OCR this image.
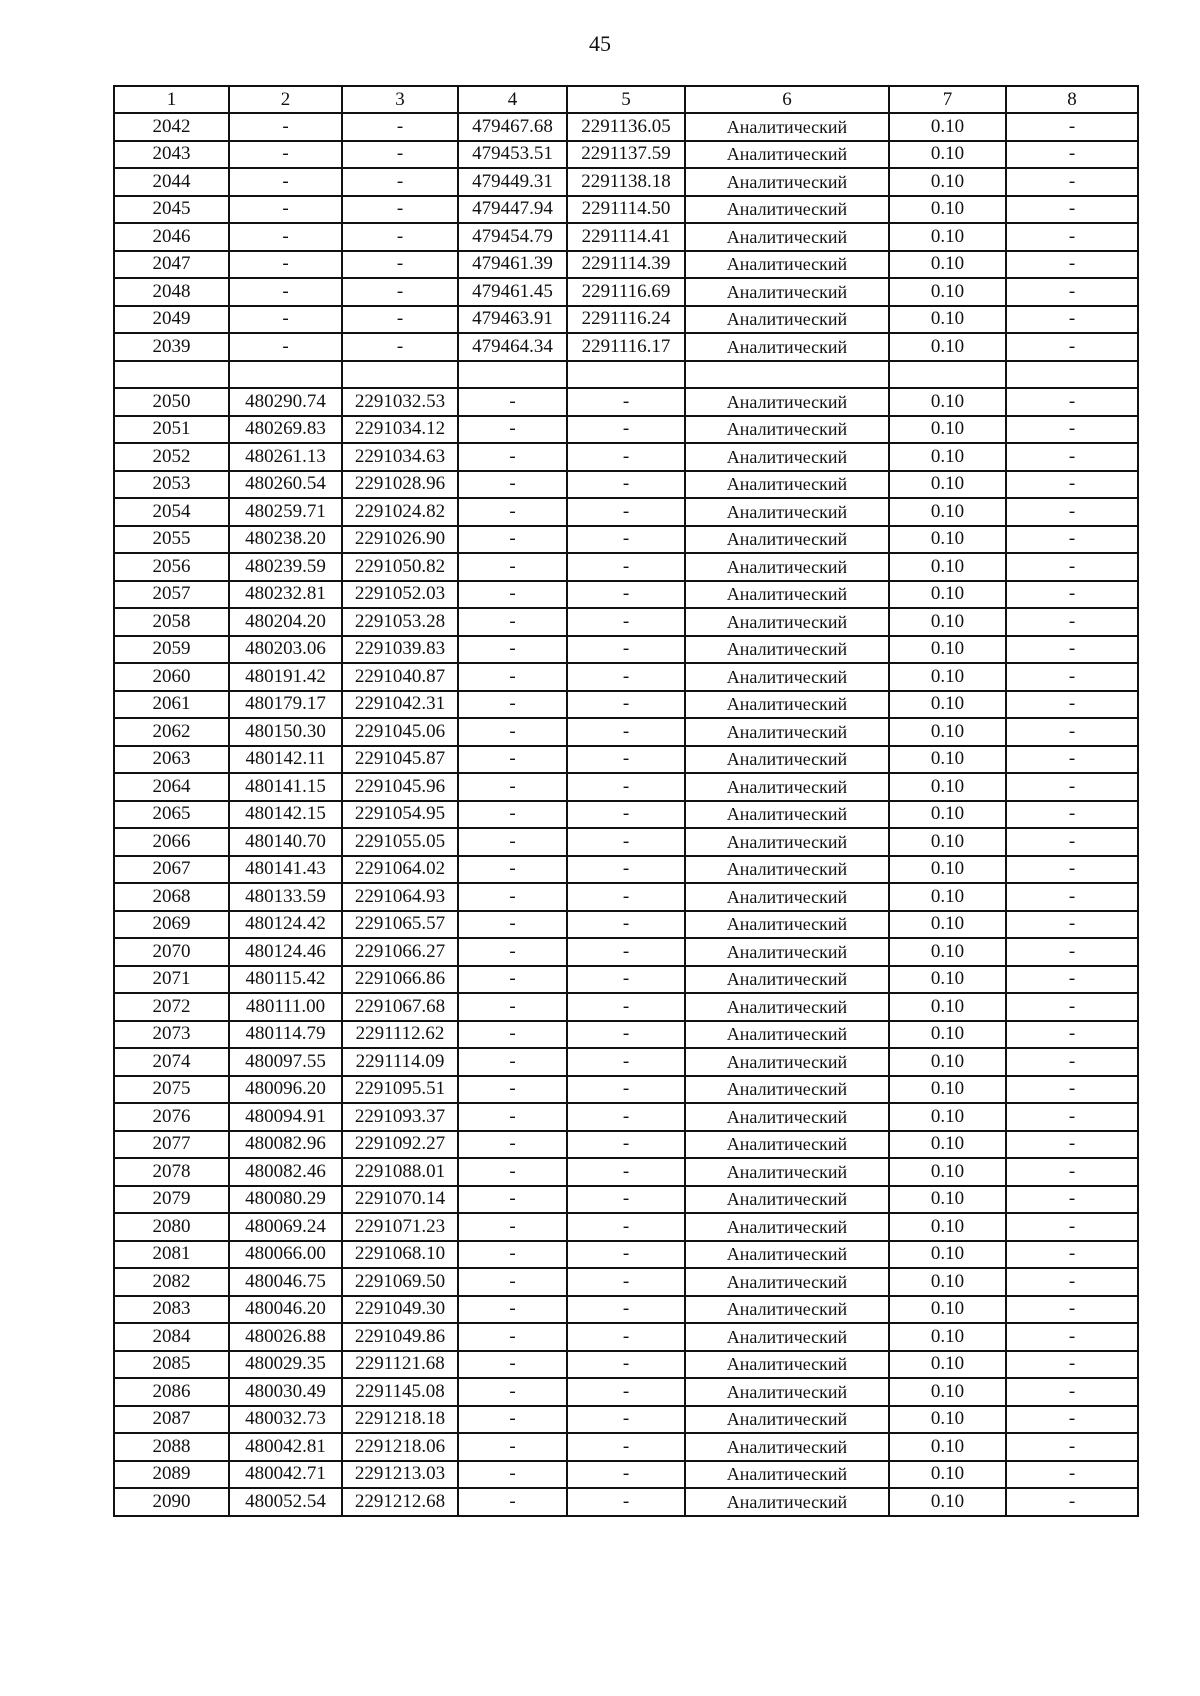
45
1	2	3	4	5	6	7	8
2042	-	-	479467.68	2291136.05	Аналитический	0.10	-
2043	-	-	479453.51	2291137.59	Аналитический	0.10	-
2044	-	-	479449.31	2291138.18	Аналитический	0.10	-
2045	-	-	479447.94	2291114.50	Аналитический	0.10	-
2046	-	-	479454.79	2291114.41	Аналитический	0.10	-
2047	-	-	479461.39	2291114.39	Аналитический	0.10	-
2048	-	-	479461.45	2291116.69	Аналитический	0.10	-
2049	-	-	479463.91	2291116.24	Аналитический	0.10	-
2039	-	-	479464.34	2291116.17	Аналитический	0.10	-

2050	480290.74	2291032.53	-	-	Аналитический	0.10	-
2051	480269.83	2291034.12	-	-	Аналитический	0.10	-
2052	480261.13	2291034.63	-	-	Аналитический	0.10	-
2053	480260.54	2291028.96	-	-	Аналитический	0.10	-
2054	480259.71	2291024.82	-	-	Аналитический	0.10	-
2055	480238.20	2291026.90	-	-	Аналитический	0.10	-
2056	480239.59	2291050.82	-	-	Аналитический	0.10	-
2057	480232.81	2291052.03	-	-	Аналитический	0.10	-
2058	480204.20	2291053.28	-	-	Аналитический	0.10	-
2059	480203.06	2291039.83	-	-	Аналитический	0.10	-
2060	480191.42	2291040.87	-	-	Аналитический	0.10	-
2061	480179.17	2291042.31	-	-	Аналитический	0.10	-
2062	480150.30	2291045.06	-	-	Аналитический	0.10	-
2063	480142.11	2291045.87	-	-	Аналитический	0.10	-
2064	480141.15	2291045.96	-	-	Аналитический	0.10	-
2065	480142.15	2291054.95	-	-	Аналитический	0.10	-
2066	480140.70	2291055.05	-	-	Аналитический	0.10	-
2067	480141.43	2291064.02	-	-	Аналитический	0.10	-
2068	480133.59	2291064.93	-	-	Аналитический	0.10	-
2069	480124.42	2291065.57	-	-	Аналитический	0.10	-
2070	480124.46	2291066.27	-	-	Аналитический	0.10	-
2071	480115.42	2291066.86	-	-	Аналитический	0.10	-
2072	480111.00	2291067.68	-	-	Аналитический	0.10	-
2073	480114.79	2291112.62	-	-	Аналитический	0.10	-
2074	480097.55	2291114.09	-	-	Аналитический	0.10	-
2075	480096.20	2291095.51	-	-	Аналитический	0.10	-
2076	480094.91	2291093.37	-	-	Аналитический	0.10	-
2077	480082.96	2291092.27	-	-	Аналитический	0.10	-
2078	480082.46	2291088.01	-	-	Аналитический	0.10	-
2079	480080.29	2291070.14	-	-	Аналитический	0.10	-
2080	480069.24	2291071.23	-	-	Аналитический	0.10	-
2081	480066.00	2291068.10	-	-	Аналитический	0.10	-
2082	480046.75	2291069.50	-	-	Аналитический	0.10	-
2083	480046.20	2291049.30	-	-	Аналитический	0.10	-
2084	480026.88	2291049.86	-	-	Аналитический	0.10	-
2085	480029.35	2291121.68	-	-	Аналитический	0.10	-
2086	480030.49	2291145.08	-	-	Аналитический	0.10	-
2087	480032.73	2291218.18	-	-	Аналитический	0.10	-
2088	480042.81	2291218.06	-	-	Аналитический	0.10	-
2089	480042.71	2291213.03	-	-	Аналитический	0.10	-
2090	480052.54	2291212.68	-	-	Аналитический	0.10	-
